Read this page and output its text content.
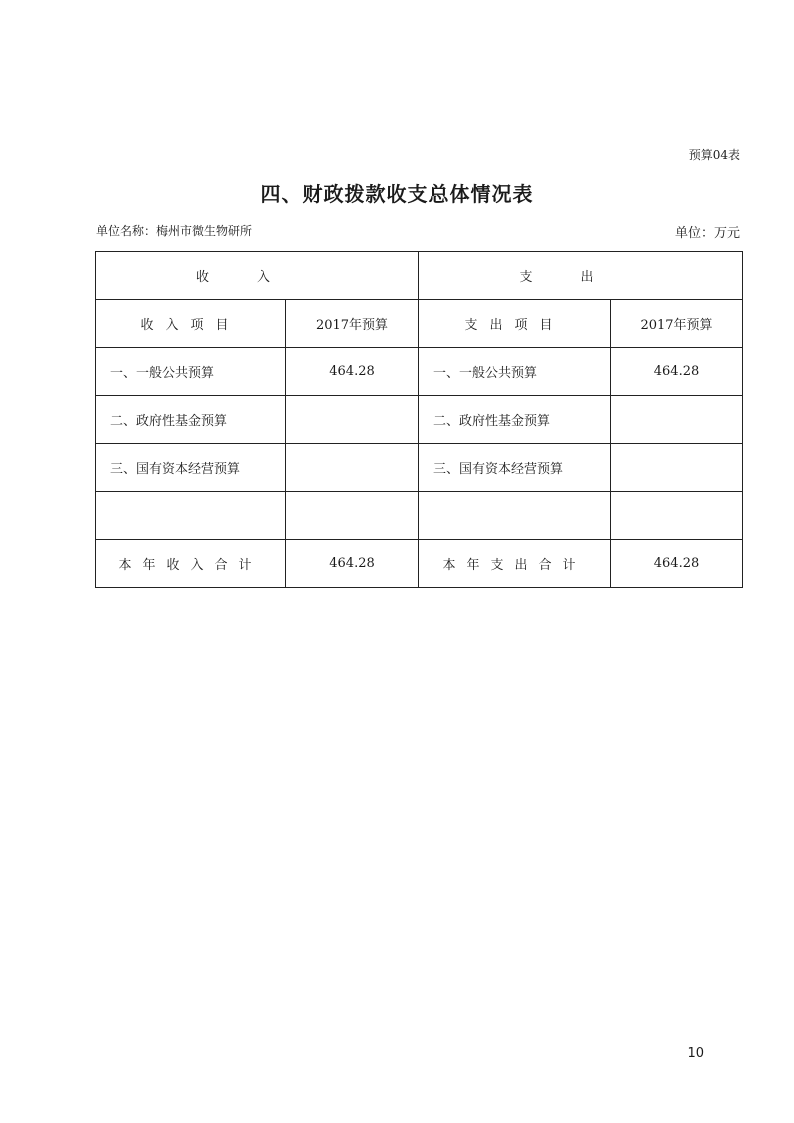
预算04表
四、财政拨款收支总体情况表
单位名称：梅州市微生物研所	单位：万元
收入		支出	
收入项目	2017年预算	支出项目	2017年预算
一、一般公共预算	464.28	一、一般公共预算	464.28
二、政府性基金预算		二、政府性基金预算	
三、国有资本经营预算		三、国有资本经营预算	

本年收入合计	464.28	本年支出合计	464.28
10
